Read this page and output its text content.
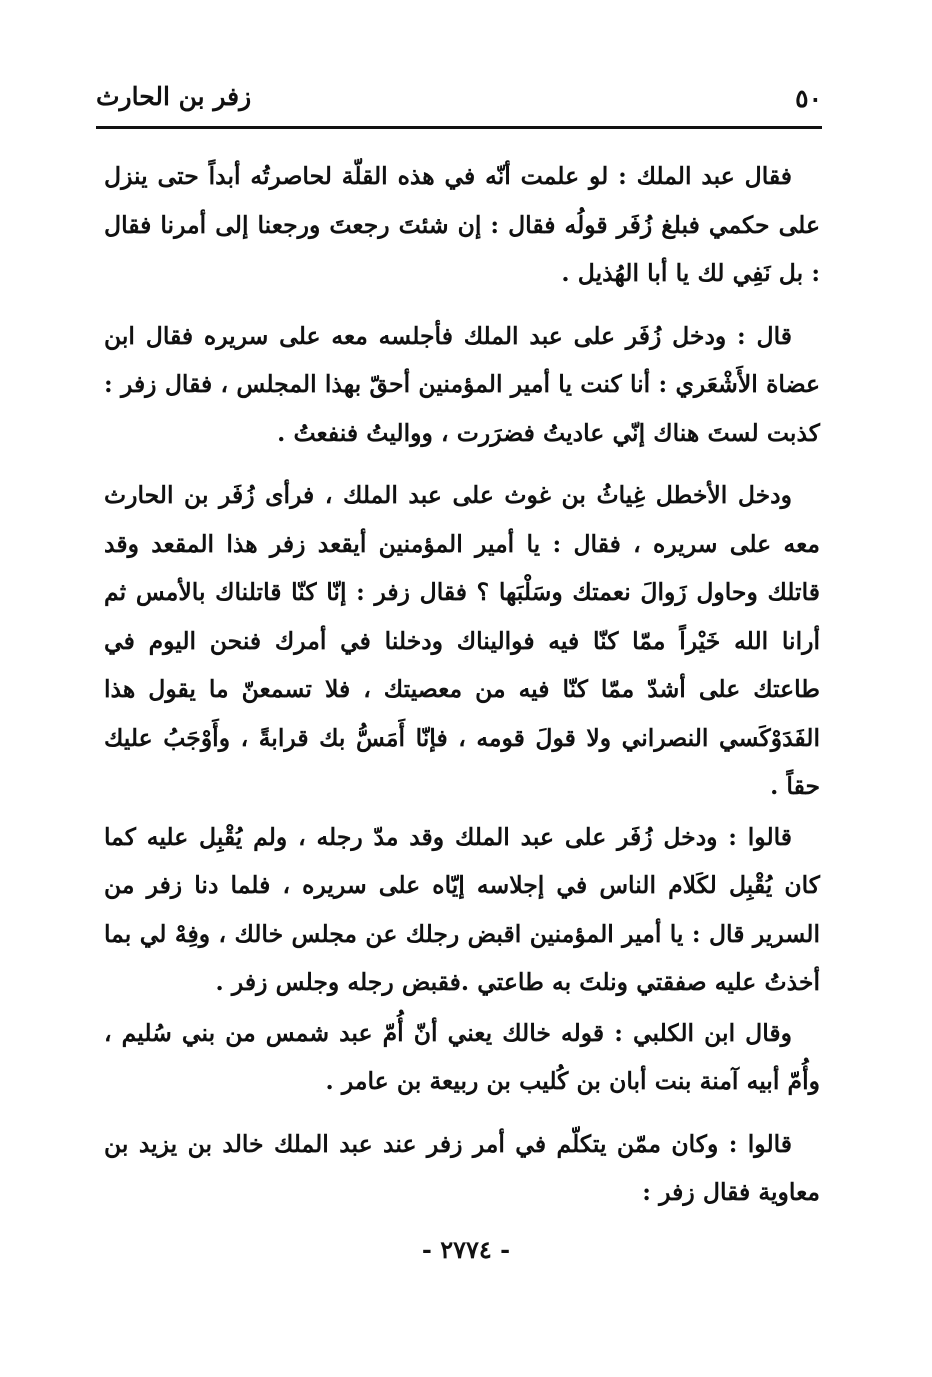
٥٠
زفر بن الحارث

فقال عبد الملك : لو علمت أنّه في هذه القلّة لحاصرتُه أبداً حتى ينزل على حكمي فبلغ زُفَر قولُه فقال : إن شئتَ رجعتَ ورجعنا إلى أمرنا فقال : بل نَفِي لك يا أبا الهُذيل .

قال : ودخل زُفَر على عبد الملك فأجلسه معه على سريره فقال ابن عضاة الأَشْعَري : أنا كنت يا أمير المؤمنين أحقّ بهذا المجلس ، فقال زفر : كذبت لستَ هناك إنّي عاديتُ فضرَرت ، وواليتُ فنفعتُ .

ودخل الأخطل غِياثُ بن غوث على عبد الملك ، فرأى زُفَر بن الحارث معه على سريره ، فقال : يا أمير المؤمنين أيقعد زفر هذا المقعد وقد قاتلك وحاول زَوالَ نعمتك وسَلْبَها ؟ فقال زفر : إنّا كنّا قاتلناك بالأمس ثم أرانا الله خَيْراً ممّا كنّا فيه فواليناك ودخلنا في أمرك فنحن اليوم في طاعتك على أشدّ ممّا كنّا فيه من معصيتك ، فلا تسمعنّ ما يقول هذا الفَدَوْكَسي النصراني ولا قولَ قومه ، فإنّا أَمَسُّ بك قرابةً ، وأَوْجَبُ عليك حقاً .

قالوا : ودخل زُفَر على عبد الملك وقد مدّ رجله ، ولم يُقْبِل عليه كما كان يُقْبِل لكَلام الناس في إجلاسه إيّاه على سريره ، فلما دنا زفر من السرير قال : يا أمير المؤمنين اقبض رجلك عن مجلس خالك ، وفِهْ لي بما أخذتُ عليه صفقتي ونلتَ به طاعتي .فقبض رجله وجلس زفر .

وقال ابن الكلبي : قوله خالك يعني أنّ أُمّ عبد شمس من بني سُليم ، وأُمّ أبيه آمنة بنت أبان بن كُليب بن ربيعة بن عامر .

قالوا : وكان ممّن يتكلّم في أمر زفر عند عبد الملك خالد بن يزيد بن معاوية فقال زفر :

- ٢٧٧٤ -
